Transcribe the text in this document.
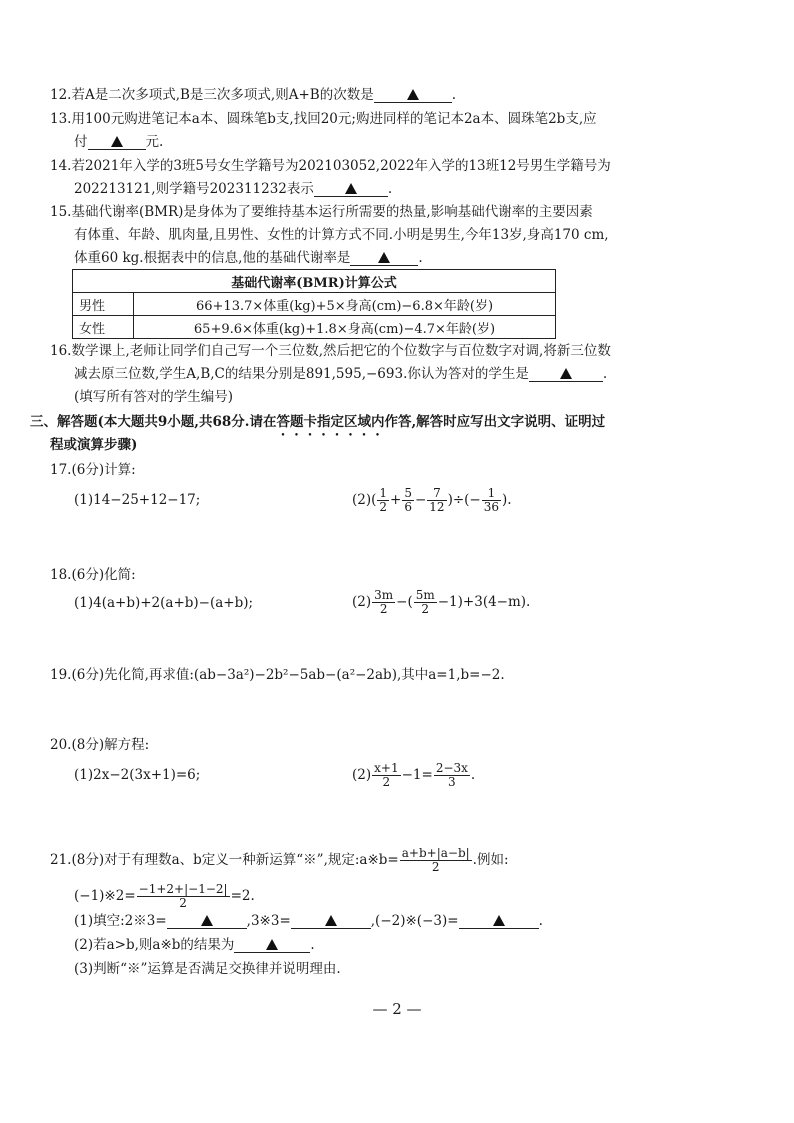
12.若A是二次多项式,B是三次多项式,则A+B的次数是	.
13.用100元购进笔记本a本、圆珠笔b支,找回20元;购进同样的笔记本2a本、圆珠笔2b支,应
付	元.
14.若2021年入学的3班5号女生学籍号为202103052,2022年入学的13班12号男生学籍号为
202213121,则学籍号202311232表示	.
15.基础代谢率(BMR)是身体为了要维持基本运行所需要的热量,影响基础代谢率的主要因素
有体重、年龄、肌肉量,且男性、女性的计算方式不同.小明是男生,今年13岁,身高170 cm,
体重60 kg.根据表中的信息,他的基础代谢率是	.
基础代谢率(BMR)计算公式	
男性	66+13.7×体重(kg)+5×身高(cm)−6.8×年龄(岁)
女性	65+9.6×体重(kg)+1.8×身高(cm)−4.7×年龄(岁)
16.数学课上,老师让同学们自己写一个三位数,然后把它的个位数字与百位数字对调,将新三位数
减去原三位数,学生A,B,C的结果分别是891,595,−693.你认为答对的学生是	.
(填写所有答对的学生编号)
三、解答题(本大题共9小题,共68分.请在答题卡指定区域内作答,解答时应写出文字说明、证明过
程或演算步骤)
17.(6分)计算:
(1)14−25+12−17;	$(2)( \frac{1}{2} + \frac{5}{6} - \frac{7}{12}$ )÷(− $\frac{1}{36}$ ).
18.(6分)化简:
(1)4(a+b)+2(a+b)−(a+b);	$(2) \frac{3m}{2}$ −( $\frac{5m}{2} -1)+3(4-m)$.
19.(6分)先化简,再求值:(ab−3a²)−2b²−5ab−(a²−2ab),其中a=1,b=−2.
20.(8分)解方程:
(1)2x−2(3x+1)=6;	$(2) \frac{x+1}{2} -1= \frac{2-3x}{3}$ .
21.(8分)对于有理数a、b定义一种新运算“※”,规定:a※b= $\frac{a+b+|a-b|}{2}$ .例如:
(−1)※2= $\frac{-1+2+|-1-2|}{2} =2$.
(1)填空:2※3=	,3※3=	,(−2)※(−3)=	.
(2)若a>b,则a※b的结果为	.
(3)判断“※”运算是否满足交换律并说明理由.
— 2 —
